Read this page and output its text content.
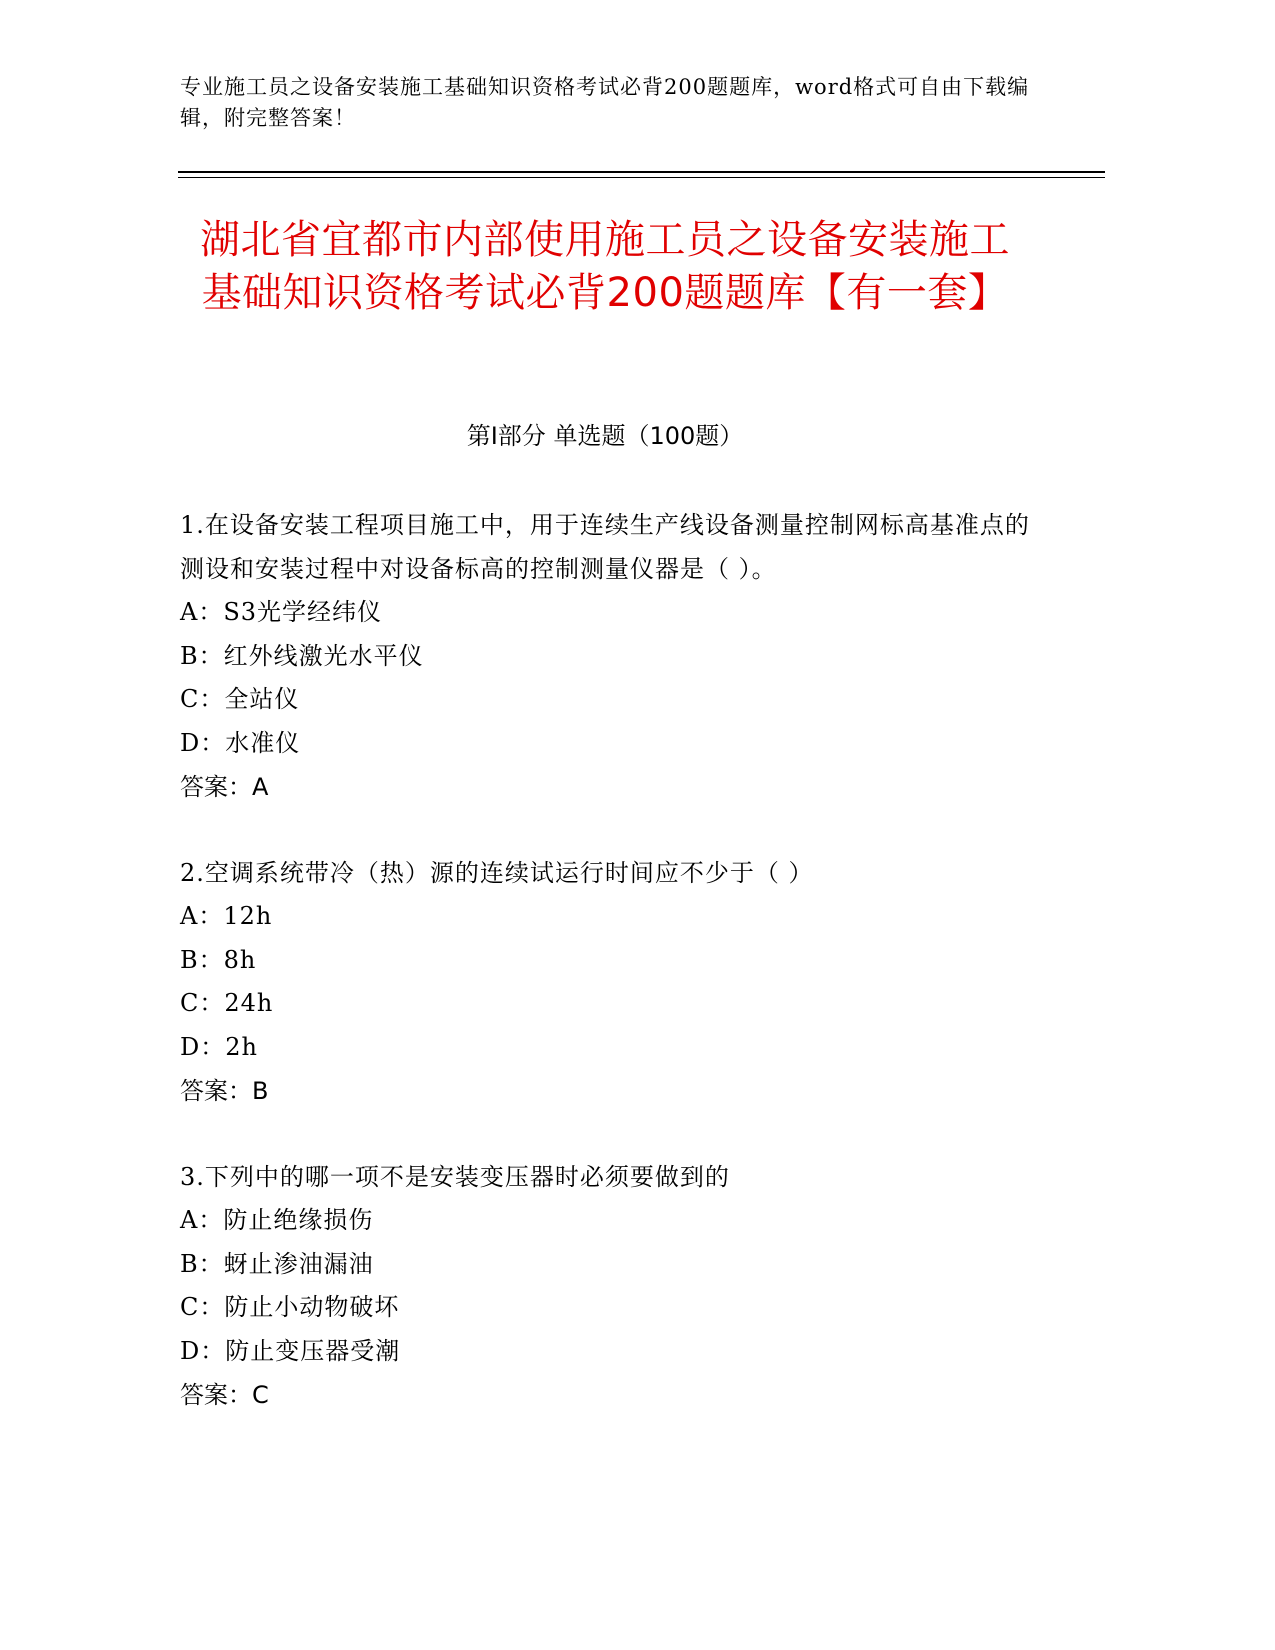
专业施工员之设备安装施工基础知识资格考试必背200题题库，word格式可自由下载编辑，附完整答案！
湖北省宜都市内部使用施工员之设备安装施工基础知识资格考试必背200题题库【有一套】
第I部分 单选题（100题）
1.在设备安装工程项目施工中，用于连续生产线设备测量控制网标高基准点的测设和安装过程中对设备标高的控制测量仪器是（ ）。
A：S3光学经纬仪
B：红外线激光水平仪
C：全站仪
D：水准仪
答案：A
2.空调系统带冷（热）源的连续试运行时间应不少于（ ）
A：12h
B：8h
C：24h
D：2h
答案：B
3.下列中的哪一项不是安装变压器时必须要做到的
A：防止绝缘损伤
B：蚜止渗油漏油
C：防止小动物破坏
D：防止变压器受潮
答案：C
